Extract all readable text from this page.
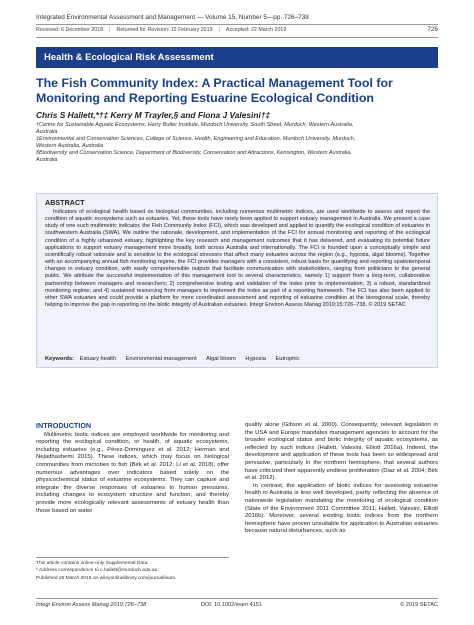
Integrated Environmental Assessment and Management — Volume 15, Number 5—pp. 726–738
726
Received: 6 December 2018 | Returned for Revision: 12 February 2019 | Accepted: 22 March 2019
Health & Ecological Risk Assessment
The Fish Community Index: A Practical Management Tool for
Monitoring and Reporting Estuarine Ecological Condition
Chris S Hallett,*†‡ Kerry M Trayler,§ and Fiona J Valesini†‡
†Centre for Sustainable Aquatic Ecosystems, Harry Butler Institute, Murdoch University, South Street, Murdoch, Western Australia,
Australia
‡Environmental and Conservation Sciences, College of Science, Health, Engineering and Education, Murdoch University, Murdoch,
Western Australia, Australia
§Biodiversity and Conservation Science, Department of Biodiversity, Conservation and Attractions, Kensington, Western Australia,
Australia
ABSTRACT

Indicators of ecological health based on biological communities, including numerous multimetric indices, are used worldwide to assess and report the condition of aquatic ecosystems such as estuaries. Yet, these tools have rarely been applied to support estuary management in Australia. We present a case study of one such multimetric indicator, the Fish Community Index (FCI), which was developed and applied to quantify the ecological condition of estuaries in southwestern Australia (SWA). We outline the rationale, development, and implementation of the FCI for annual monitoring and reporting of the ecological condition of a highly urbanized estuary, highlighting the key research and management outcomes that it has delivered, and evaluating its potential future applications to support estuary management more broadly, both across Australia and internationally. The FCI is founded upon a conceptually simple and scientifically robust rationale and is sensitive to the ecological stressors that affect many estuaries across the region (e.g., hypoxia, algal blooms). Together with an accompanying annual fish monitoring regime, the FCI provides managers with a consistent, robust basis for quantifying and reporting spatiotemporal changes in estuary condition, with easily comprehensible outputs that facilitate communication with stakeholders, ranging from politicians to the general public. We attribute the successful implementation of this management tool to several characteristics, namely 1) support from a long-term, collaborative partnership between managers and researchers; 2) comprehensive testing and validation of the index prior to implementation; 3) a robust, standardized monitoring regime; and 4) sustained resourcing from managers to implement the index as part of a reporting framework. The FCI has also been applied to other SWA estuaries and could provide a platform for more coordinated assessment and reporting of estuarine condition at the bioregional scale, thereby helping to improve the gap in reporting on the biotic integrity of Australian estuaries. Integr Environ Assess Manag 2019;15:726–738. © 2019 SETAC

Keywords: Estuary health Environmental management Algal bloom Hypoxia Eutrophic
INTRODUCTION

Multimetric biotic indices are employed worldwide for monitoring and reporting the ecological condition, or health, of aquatic ecosystems, including estuaries (e.g., Pérez-Domínguez et al. 2012; Herman and Nejadhashemi 2015). These indices, which may focus on biological communities from microbes to fish (Birk et al. 2012; Li et al. 2018), offer numerous advantages over indicators based solely on the physicochemical status of estuarine ecosystems. They can capture and integrate the diverse responses of estuaries to human pressures, including changes to ecosystem structure and function, and thereby provide more ecologically relevant assessments of estuary health than those based on water

quality alone (Gibson et al. 2000). Consequently, relevant legislation in the USA and Europe mandates management agencies to account for the broader ecological status and biotic integrity of aquatic ecosystems, as reflected by such indices (Hallett, Valesini, Elliott 2016a). Indeed, the development and application of these tools has been so widespread and pervasive, particularly in the northern hemisphere, that several authors have criticized their apparently endless proliferation (Diaz et al. 2004; Birk et al. 2012).

In contrast, the application of biotic indices for assessing estuarine health in Australia is less well developed, partly reflecting the absence of nationwide legislation mandating the monitoring of ecological condition (State of the Environment 2011 Committee 2011; Hallett, Valesini, Elliott 2016b). Moreover, several existing biotic indices from the northern hemisphere have proven unsuitable for application to Australian estuaries because natural disturbances, such as

This article contains online-only Supplemental Data.
* Address correspondence to c.hallett@murdoch.edu.au
Published 25 March 2019 on wileyonlinelibrary.com/journal/ieam.
Integr Environ Assess Manag 2019:726–738	DOI: 10.1002/ieam.4151	© 2019 SETAC
